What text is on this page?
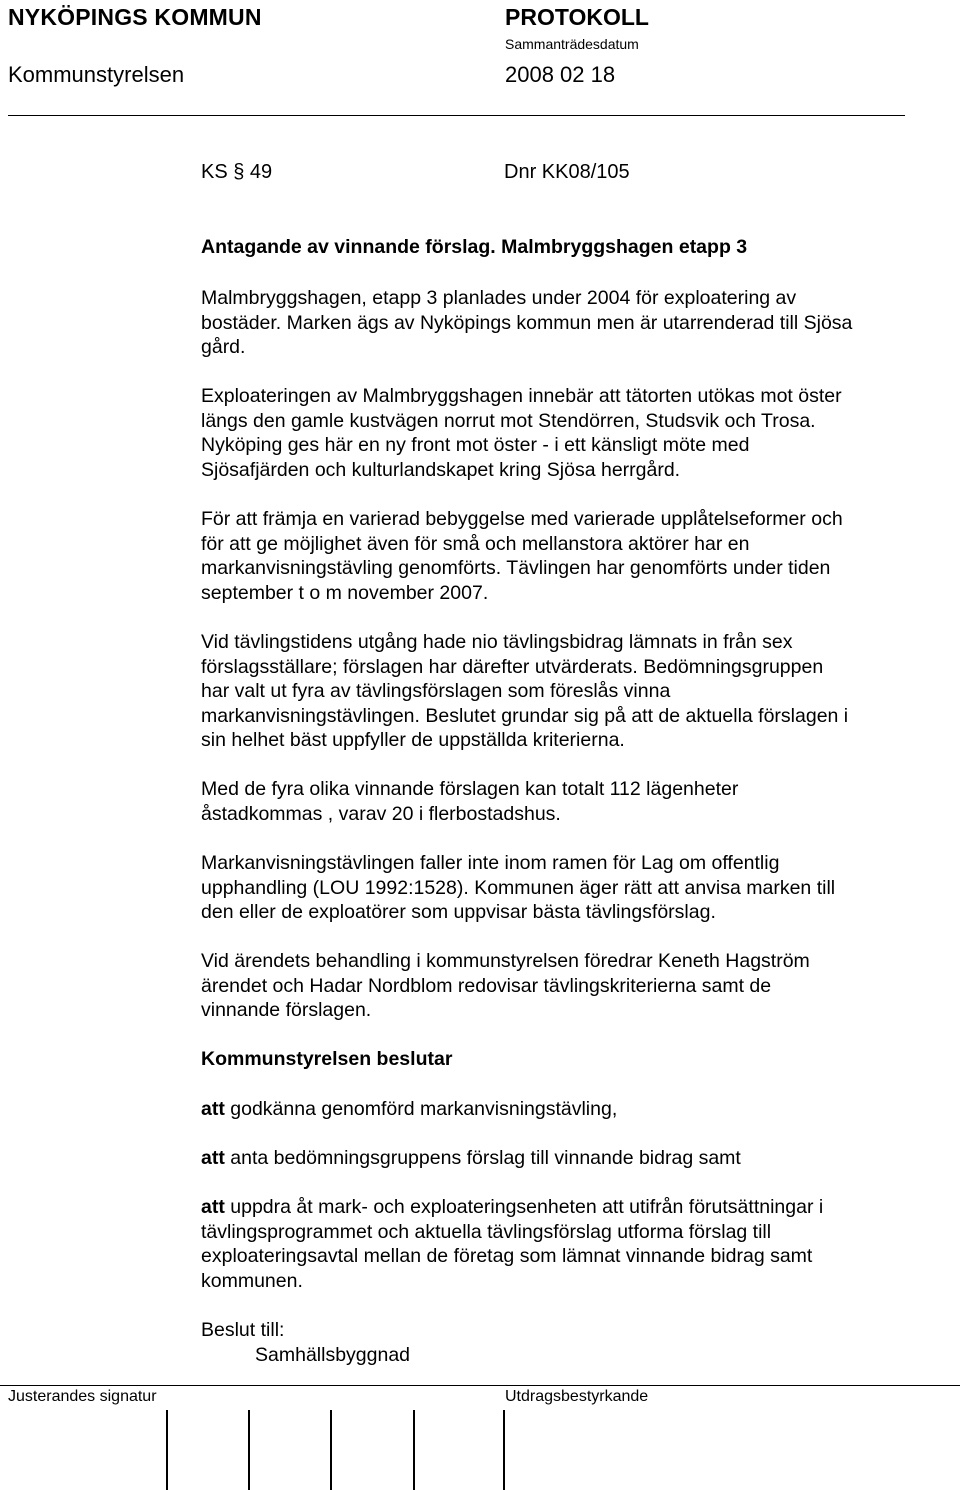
NYKÖPINGS KOMMUN	PROTOKOLL
Sammanträdesdatum
Kommunstyrelsen	2008 02 18
KS § 49	Dnr KK08/105

Antagande av vinnande förslag. Malmbryggshagen etapp 3

Malmbryggshagen, etapp 3 planlades under 2004 för exploatering av

bostäder. Marken ägs av Nyköpings kommun men är utarrenderad till Sjösa

gård.

Exploateringen av Malmbryggshagen innebär att tätorten utökas mot öster

längs den gamle kustvägen norrut mot Stendörren, Studsvik och Trosa.

Nyköping ges här en ny front mot öster - i ett känsligt möte med

Sjösafjärden och kulturlandskapet kring Sjösa herrgård.

För att främja en varierad bebyggelse med varierade upplåtelseformer och

för att ge möjlighet även för små och mellanstora aktörer har en

markanvisningstävling genomförts. Tävlingen har genomförts under tiden

september t o m november 2007.

Vid tävlingstidens utgång hade nio tävlingsbidrag lämnats in från sex

förslagsställare; förslagen har därefter utvärderats. Bedömningsgruppen

har valt ut fyra av tävlingsförslagen som föreslås vinna

markanvisningstävlingen. Beslutet grundar sig på att de aktuella förslagen i

sin helhet bäst uppfyller de uppställda kriterierna.

Med de fyra olika vinnande förslagen kan totalt 112 lägenheter

åstadkommas , varav 20 i flerbostadshus.

Markanvisningstävlingen faller inte inom ramen för Lag om offentlig

upphandling (LOU 1992:1528). Kommunen äger rätt att anvisa marken till

den eller de exploatörer som uppvisar bästa tävlingsförslag.

Vid ärendets behandling i kommunstyrelsen föredrar Keneth Hagström

ärendet och Hadar Nordblom redovisar tävlingskriterierna samt de

vinnande förslagen.

Kommunstyrelsen beslutar

att godkänna genomförd markanvisningstävling,

att anta bedömningsgruppens förslag till vinnande bidrag samt

att uppdra åt mark- och exploateringsenheten att utifrån förutsättningar i

tävlingsprogrammet och aktuella tävlingsförslag utforma förslag till

exploateringsavtal mellan de företag som lämnat vinnande bidrag samt

kommunen.

Beslut till:

Samhällsbyggnad

Justerandes signatur	Utdragsbestyrkande
